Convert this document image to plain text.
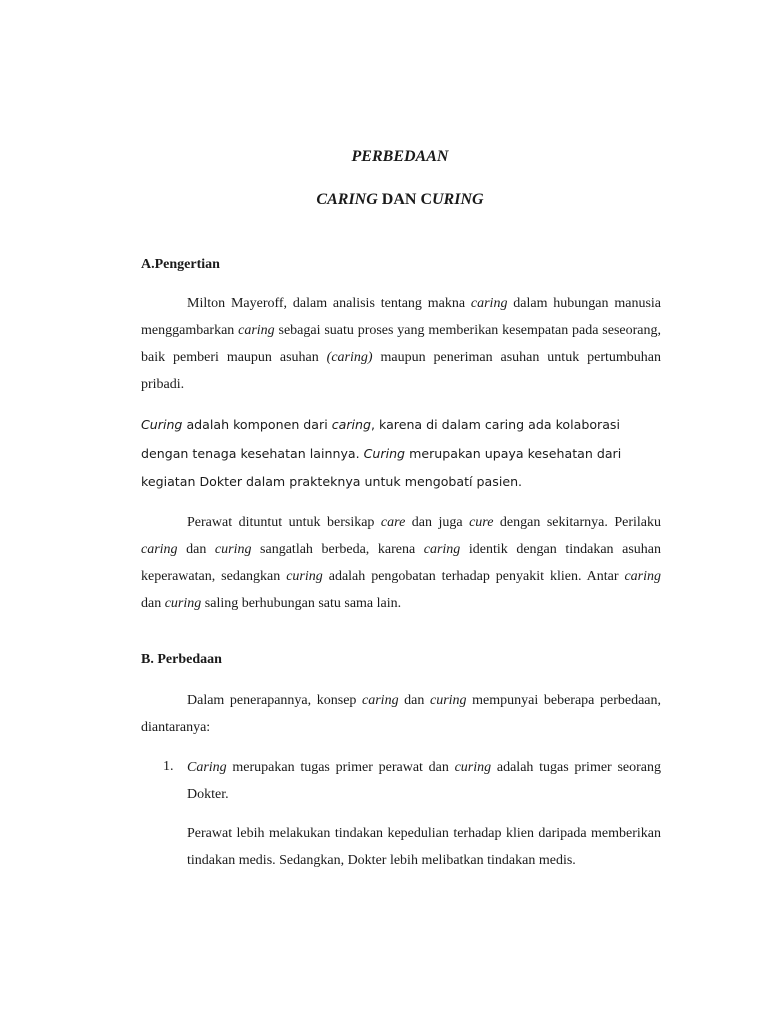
PERBEDAAN
CARING DAN CURING
A.Pengertian

Milton Mayeroff, dalam analisis tentang makna caring dalam hubungan manusia menggambarkan caring sebagai suatu proses yang memberikan kesempatan pada seseorang, baik pemberi maupun asuhan (caring) maupun peneriman asuhan untuk pertumbuhan pribadi.

Curing adalah komponen dari caring, karena di dalam caring ada kolaborasi dengan tenaga kesehatan lainnya. Curing merupakan upaya kesehatan dari kegiatan Dokter dalam prakteknya untuk mengobatí pasien.

Perawat dituntut untuk bersikap care dan juga cure dengan sekitarnya. Perilaku caring dan curing sangatlah berbeda, karena caring identik dengan tindakan asuhan keperawatan, sedangkan curing adalah pengobatan terhadap penyakit klien. Antar caring dan curing saling berhubungan satu sama lain.

B. Perbedaan

Dalam penerapannya, konsep caring dan curing mempunyai beberapa perbedaan, diantaranya:

1. Caring merupakan tugas primer perawat dan curing adalah tugas primer seorang Dokter.

Perawat lebih melakukan tindakan kepedulian terhadap klien daripada memberikan tindakan medis. Sedangkan, Dokter lebih melibatkan tindakan medis.
